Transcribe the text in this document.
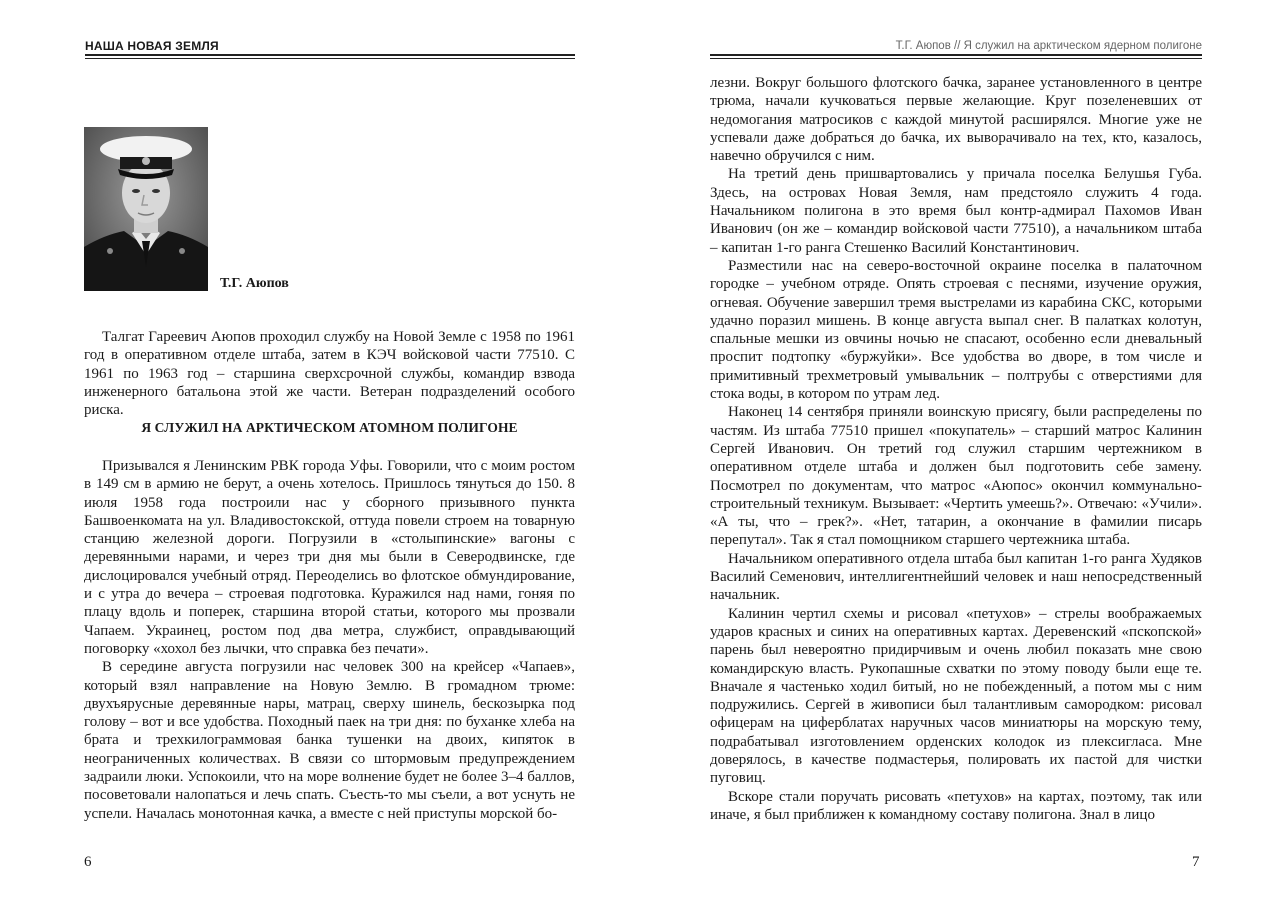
НАША НОВАЯ ЗЕМЛЯ
Т.Г. Аюпов

Талгат Гареевич Аюпов проходил службу на Новой Земле с 1958 по 1961 год в оперативном отделе штаба, затем в КЭЧ войсковой части 77510. С 1961 по 1963 год – старшина сверхсрочной службы, командир взвода инженерного батальона этой же части. Ветеран подразделений особого риска.

Я СЛУЖИЛ НА АРКТИЧЕСКОМ АТОМНОМ ПОЛИГОНЕ

Призывался я Ленинским РВК города Уфы. Говорили, что с моим ростом в 149 см в армию не берут, а очень хотелось. Пришлось тянуться до 150. 8 июля 1958 года построили нас у сборного призывного пункта Башвоенкомата на ул. Владивостокской, оттуда повели строем на товарную станцию железной дороги. Погрузили в «столыпинские» вагоны с деревянными нарами, и через три дня мы были в Северодвинске, где дислоцировался учебный отряд. Переоделись во флотское обмундирование, и с утра до вечера – строевая подготовка. Куражился над нами, гоняя по плацу вдоль и поперек, старшина второй статьи, которого мы прозвали Чапаем. Украинец, ростом под два метра, службист, оправдывающий поговорку «хохол без лычки, что справка без печати».

В середине августа погрузили нас человек 300 на крейсер «Чапаев», который взял направление на Новую Землю. В громадном трюме: двухъярусные деревянные нары, матрац, сверху шинель, бескозырка под голову – вот и все удобства. Походный паек на три дня: по буханке хлеба на брата и трехкилограммовая банка тушенки на двоих, кипяток в неограниченных количествах. В связи со штормовым предупреждением задраили люки. Успокоили, что на море волнение будет не более 3–4 баллов, посоветовали налопаться и лечь спать. Съесть-то мы съели, а вот уснуть не успели. Началась монотонная качка, а вместе с ней приступы морской бо-

6
Т.Г. Аюпов // Я служил на арктическом ядерном полигоне

лезни. Вокруг большого флотского бачка, заранее установленного в центре трюма, начали кучковаться первые желающие. Круг позеленевших от недомогания матросиков с каждой минутой расширялся. Многие уже не успевали даже добраться до бачка, их выворачивало на тех, кто, казалось, навечно обручился с ним.

На третий день пришвартовались у причала поселка Белушья Губа. Здесь, на островах Новая Земля, нам предстояло служить 4 года. Начальником полигона в это время был контр-адмирал Пахомов Иван Иванович (он же – командир войсковой части 77510), а начальником штаба – капитан 1-го ранга Стешенко Василий Константинович.

Разместили нас на северо-восточной окраине поселка в палаточном городке – учебном отряде. Опять строевая с песнями, изучение оружия, огневая. Обучение завершил тремя выстрелами из карабина СКС, которыми удачно поразил мишень. В конце августа выпал снег. В палатках колотун, спальные мешки из овчины ночью не спасают, особенно если дневальный проспит подтопку «буржуйки». Все удобства во дворе, в том числе и примитивный трехметровый умывальник – полтрубы с отверстиями для стока воды, в котором по утрам лед.

Наконец 14 сентября приняли воинскую присягу, были распределены по частям. Из штаба 77510 пришел «покупатель» – старший матрос Калинин Сергей Иванович. Он третий год служил старшим чертежником в оперативном отделе штаба и должен был подготовить себе замену. Посмотрел по документам, что матрос «Аюпос» окончил коммунально-строительный техникум. Вызывает: «Чертить умеешь?». Отвечаю: «Учили». «А ты, что – грек?». «Нет, татарин, а окончание в фамилии писарь перепутал». Так я стал помощником старшего чертежника штаба.

Начальником оперативного отдела штаба был капитан 1-го ранга Худяков Василий Семенович, интеллигентнейший человек и наш непосредственный начальник.

Калинин чертил схемы и рисовал «петухов» – стрелы воображаемых ударов красных и синих на оперативных картах. Деревенский «пскопской» парень был невероятно придирчивым и очень любил показать мне свою командирскую власть. Рукопашные схватки по этому поводу были еще те. Вначале я частенько ходил битый, но не побежденный, а потом мы с ним подружились. Сергей в живописи был талантливым самородком: рисовал офицерам на циферблатах наручных часов миниатюры на морскую тему, подрабатывал изготовлением орденских колодок из плексигласа. Мне доверялось, в качестве подмастерья, полировать их пастой для чистки пуговиц.

Вскоре стали поручать рисовать «петухов» на картах, поэтому, так или иначе, я был приближен к командному составу полигона. Знал в лицо

7
